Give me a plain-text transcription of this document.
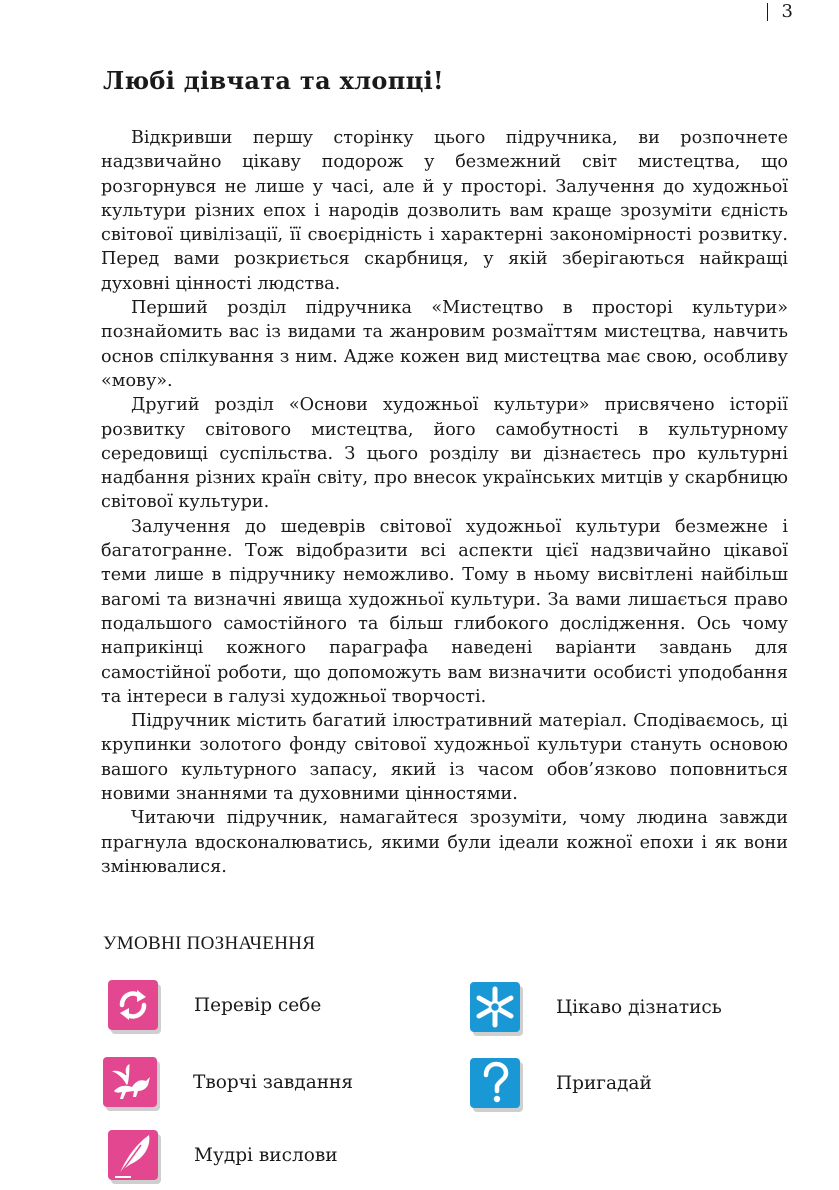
3
Любі дівчата та хлопці!

Відкривши першу сторінку цього підручника, ви розпочнете надзвичайно цікаву подорож у безмежний світ мистецтва, що розгорнувся не лише у часі, але й у просторі. Залучення до художньої культури різних епох і народів дозволить вам краще зрозуміти єдність світової цивілізації, її своєрідність і характерні закономірності розвитку. Перед вами розкриється скарбниця, у якій зберігаються найкращі духовні цінності людства.

Перший розділ підручника «Мистецтво в просторі культури» познайомить вас із видами та жанровим розмаїттям мистецтва, навчить основ спілкування з ним. Адже кожен вид мистецтва має свою, особливу «мову».

Другий розділ «Основи художньої культури» присвячено історії розвитку світового мистецтва, його самобутності в культурному середовищі суспільства. З цього розділу ви дізнаєтесь про культурні надбання різних країн світу, про внесок українських митців у скарбницю світової культури.

Залучення до шедеврів світової художньої культури безмежне і багатогранне. Тож відобразити всі аспекти цієї надзвичайно цікавої теми лише в підручнику неможливо. Тому в ньому висвітлені найбільш вагомі та визначні явища художньої культури. За вами лишається право подальшого самостійного та більш глибокого дослідження. Ось чому наприкінці кожного параграфа наведені варіанти завдань для самостійної роботи, що допоможуть вам визначити особисті уподобання та інтереси в галузі художньої творчості.

Підручник містить багатий ілюстративний матеріал. Сподіваємось, ці крупинки золотого фонду світової художньої культури стануть основою вашого культурного запасу, який із часом обов’язково поповниться новими знаннями та духовними цінностями.

Читаючи підручник, намагайтеся зрозуміти, чому людина завжди прагнула вдосконалюватись, якими були ідеали кожної епохи і як вони змінювалися.

УМОВНІ ПОЗНАЧЕННЯ
Перевір себе	Цікаво дізнатись
Творчі завдання	Пригадай
Мудрі вислови
